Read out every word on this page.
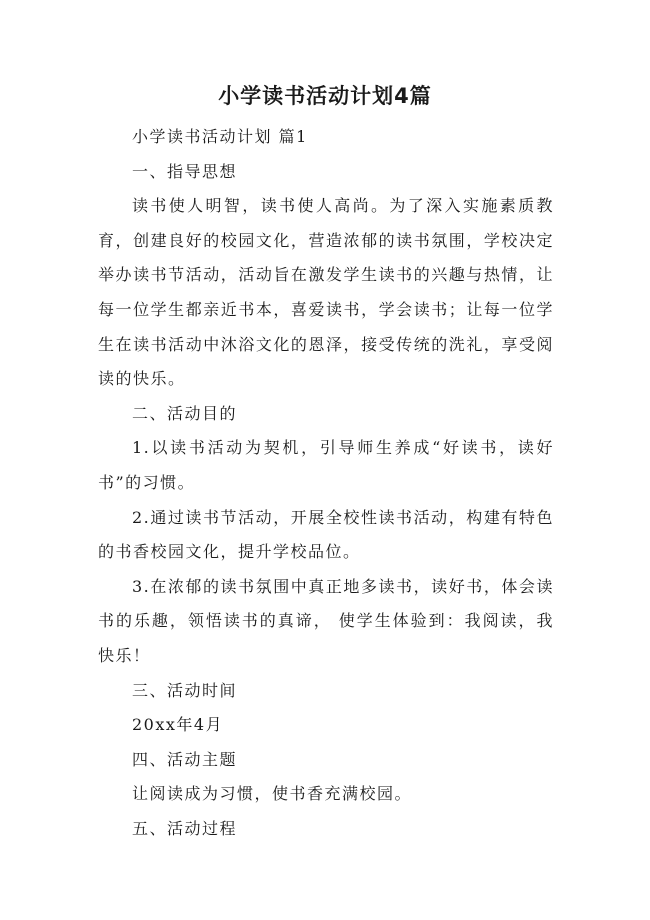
小学读书活动计划4篇

小学读书活动计划 篇1

一、指导思想

读书使人明智，读书使人高尚。为了深入实施素质教育，创建良好的校园文化，营造浓郁的读书氛围，学校决定举办读书节活动，活动旨在激发学生读书的兴趣与热情，让每一位学生都亲近书本，喜爱读书，学会读书；让每一位学生在读书活动中沐浴文化的恩泽，接受传统的洗礼，享受阅读的快乐。

二、活动目的

1.以读书活动为契机，引导师生养成“好读书，读好书”的习惯。

2.通过读书节活动，开展全校性读书活动，构建有特色的书香校园文化，提升学校品位。

3.在浓郁的读书氛围中真正地多读书，读好书，体会读书的乐趣，领悟读书的真谛， 使学生体验到：我阅读，我快乐！

三、活动时间

20xx年4月

四、活动主题

让阅读成为习惯，使书香充满校园。

五、活动过程
